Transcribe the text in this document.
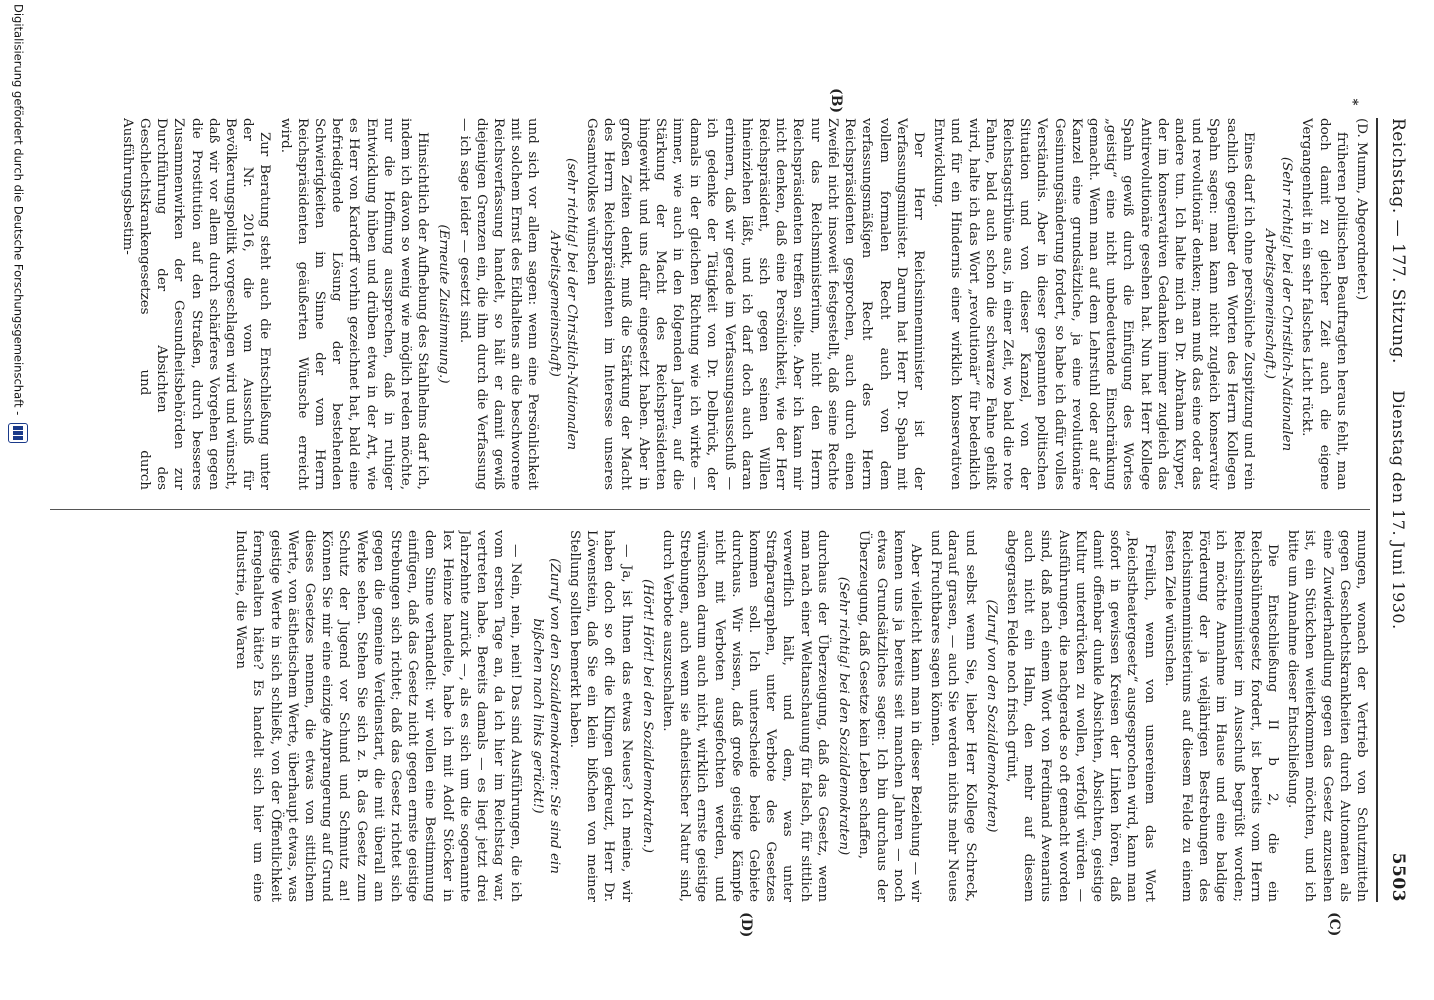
Reichstag. — 177. Sitzung.
Dienstag den 17. Juni 1930.
5503
*
(B)
(C)
(D)

(D. Mumm, Abgeordneter.)

früheren politischen Beauftragten heraus fehlt, man doch damit zu gleicher Zeit auch die eigene Vergangenheit in ein sehr falsches Licht rückt.

(Sehr richtig! bei der Christlich-Nationalen Arbeitsgemeinschaft.)

Eines darf ich ohne persönliche Zuspitzung und rein sachlich gegenüber den Worten des Herrn Kollegen Spahn sagen: man kann nicht zugleich konservativ und revolutionär denken; man muß das eine oder das andere tun. Ich halte mich an Dr. Abraham Kuyper, der im konservativen Gedanken immer zugleich das Antirevolutionäre gesehen hat. Nun hat Herr Kollege Spahn gewiß durch die Einfügung des Wortes „geistig“ eine nicht unbedeutende Einschränkung gemacht. Wenn man auf dem Lehrstuhl oder auf der Kanzel eine grundsätzliche, ja eine revolutionäre Gesinnungsänderung fordert, so habe ich dafür volles Verständnis. Aber in dieser gespannten politischen Situation und von dieser Kanzel, von der Reichstagstribüne aus, in einer Zeit, wo bald die rote Fahne, bald auch schon die schwarze Fahne gehißt wird, halte ich das Wort „revolutionär“ für bedenklich und für ein Hindernis einer wirklich konservativen Entwicklung.

Der Herr Reichsinnenminister ist der Verfassungsminister. Darum hat Herr Dr. Spahn mit vollem formalen Recht auch von dem verfassungsmäßigen Recht des Herrn Reichspräsidenten gesprochen, auch durch einen Zweifel nicht insoweit festgestellt, daß seine Rechte nur das Reichsministerium, nicht den Herrn Reichspräsidenten treffen sollte. Aber ich kann mir nicht denken, daß eine Persönlichkeit, wie der Herr Reichspräsident, sich gegen seinen Willen hineinziehen läßt, und ich darf doch auch daran erinnern, daß wir gerade im Verfassungsausschuß — ich gedenke der Tätigkeit von Dr. Delbrück, der damals in der gleichen Richtung wie ich wirkte — immer, wie auch in den folgenden Jahren, auf die Stärkung der Macht des Reichspräsidenten hingewirkt und uns dafür eingesetzt haben. Aber in großen Zeiten denkt, muß die Stärkung der Macht des Herrn Reichspräsidenten im Interesse unseres Gesamtvolkes wünschen

(sehr richtig! bei der Christlich-Nationalen Arbeitsgemeinschaft)

und sich vor allem sagen: wenn eine Persönlichkeit mit solchem Ernst des Eidhaltens an die beschworene Reichsverfassung handelt, so hält er damit gewiß diejenigen Grenzen ein, die ihm durch die Verfassung — ich sage leider — gesetzt sind.

(Erneute Zustimmung.)

Hinsichtlich der Aufhebung des Stahlhelms darf ich, indem ich davon so wenig wie möglich reden möchte, nur die Hoffnung aussprechen, daß in ruhiger Entwicklung hüben und drüben etwa in der Art, wie es Herr von Kardorff vorhin gezeichnet hat, bald eine befriedigende Lösung der bestehenden Schwierigkeiten im Sinne der vom Herrn Reichspräsidenten geäußerten Wünsche erreicht wird.

Zur Beratung steht auch die Entschließung unter der Nr. 2016, die vom Ausschuß für Bevölkerungspolitik vorgeschlagen wird und wünscht, daß wir vor allem durch schärferes Vorgehen gegen die Prostitution auf den Straßen, durch besseres Zusammenwirken der Gesundheitsbehörden zur Durchführung der Absichten des Geschlechtskrankengesetzes und durch Ausführungsbestim-

mungen, wonach der Vertrieb von Schutzmitteln gegen Geschlechtskrankheiten durch Automaten als eine Zuwiderhandlung gegen das Gesetz anzusehen ist, ein Stückchen weiterkommen möchten, und ich bitte um Annahme dieser Entschließung.

Die Entschließung II b 2, die ein Reichsbühnengesetz fordert, ist bereits vom Herrn Reichsinnenminister im Ausschuß begrüßt worden; ich möchte Annahme im Hause und eine baldige Förderung der ja vieljährigen Bestrebungen des Reichsinnenministeriums auf diesem Felde zu einem festen Ziele wünschen.

Freilich, wenn von unsereinem das Wort „Reichstheatergesetz“ ausgesprochen wird, kann man sofort in gewissen Kreisen der Linken hören, daß damit offenbar dunkle Absichten, Absichten, geistige Kultur unterdrücken zu wollen, verfolgt würden — Ausführungen, die nachgerade so oft gemacht worden sind, daß nach einem Wort von Ferdinand Avenarius auch nicht ein Halm, den mehr auf diesem abgegrasten Felde noch frisch grünt,

(Zuruf von den Sozialdemokraten)

und selbst wenn Sie, lieber Herr Kollege Schreck, darauf grasen, — auch Sie werden nichts mehr Neues und Fruchtbares sagen können.

Aber vielleicht kann man in dieser Beziehung — wir kennen uns ja bereits seit manchen Jahren — noch etwas Grundsätzliches sagen: Ich bin durchaus der Überzeugung, daß Gesetze kein Leben schaffen,

(Sehr richtig! bei den Sozialdemokraten)

durchaus der Überzeugung, daß das Gesetz, wenn man nach einer Weltanschauung für falsch, für sittlich verwerflich hält, und dem, was unter Strafparagraphen, unter Verbote des Gesetzes kommen soll. Ich unterscheide beide Gebiete durchaus. Wir wissen, daß große geistige Kämpfe nicht mit Verboten ausgefochten werden, und wünschen darum auch nicht, wirklich ernste geistige Strebungen, auch wenn sie atheistischer Natur sind, durch Verbote auszuschalten.

(Hört! Hört! bei den Sozialdemokraten.)

— Ja, ist Ihnen das etwas Neues? Ich meine, wir haben doch so oft die Klingen gekreuzt, Herr Dr. Löwenstein, daß Sie ein klein bißchen von meiner Stellung sollten bemerkt haben.

(Zuruf von den Sozialdemokraten: Sie sind ein bißchen nach links gerückt!)

— Nein, nein, nein! Das sind Ausführungen, die ich vom ersten Tage an, da ich hier im Reichstag war, vertreten habe. Bereits damals — es liegt jetzt drei Jahrzehnte zurück —, als es sich um die sogenannte lex Heinze handelte, habe ich mit Adolf Stöcker in dem Sinne verhandelt: wir wollen eine Bestimmung einfügen, daß das Gesetz nicht gegen ernste geistige Strebungen sich richtet; daß das Gesetz richtet sich gegen die gemeine Verdienstart, die mit überall am Werke sehen. Stehen Sie sich z. B. das Gesetz zum Schutz der Jugend vor Schund und Schmutz an! Können Sie mir eine einzige Anprangerung auf Grund dieses Gesetzes nennen, die etwas von sittlichem Werte, von ästhetischem Werte, überhaupt etwas, was geistige Werte in sich schließt, von der Öffentlichkeit ferngehalten hätte? Es handelt sich hier um eine Industrie, die Waren

Digitalisierung gefördert durch die Deutsche Forschungsgemeinschaft -
